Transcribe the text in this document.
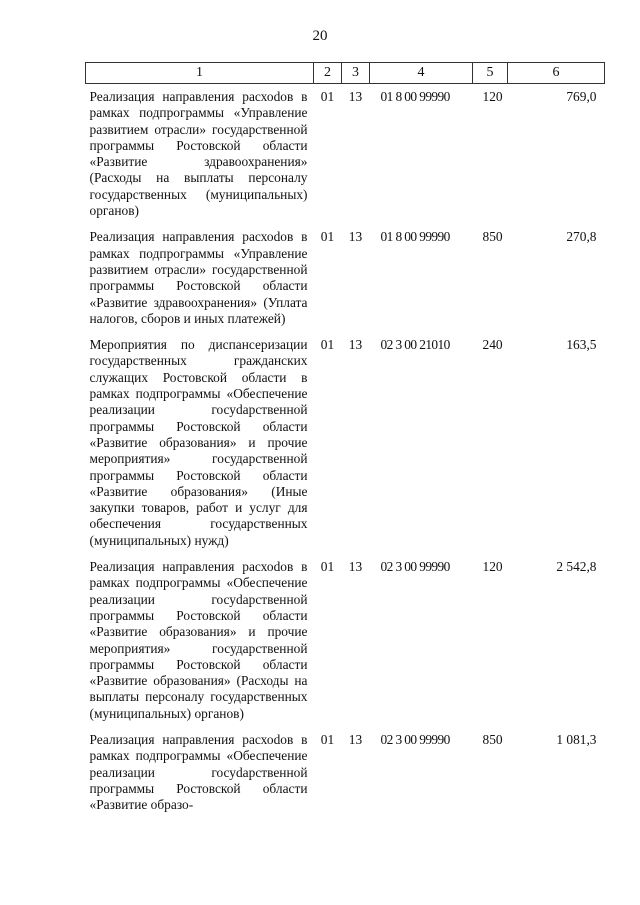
20
1	2	3	4	5	6
Реализация направления расхоdов в рамках подпрограммы «Управление развитием отрасли» государственной программы Ростовской области «Развитие здравоохранения» (Расходы на выплаты персоналу государственных (муниципальных) органов)	01	13	01 8 00 99990	120	769,0
Реализация направления расхоdов в рамках подпрограммы «Управление развитием отрасли» государственной программы Ростовской области «Развитие здравоохранения» (Уплата налогов, сборов и иных платежей)	01	13	01 8 00 99990	850	270,8
Мероприятия по диспансеризации государственных гражданских служащих Ростовской области в рамках подпрограммы «Обеспечение реализации госуdарственной программы Ростовской области «Развитие образования» и прочие мероприятия» государственной программы Ростовской области «Развитие образования» (Иные закупки товаров, работ и услуг для обеспечения государственных (муниципальных) нужд)	01	13	02 3 00 21010	240	163,5
Реализация направления расхоdов в рамках подпрограммы «Обеспечение реализации госуdарственной программы Ростовской области «Развитие образования» и прочие мероприятия» государственной программы Ростовской области «Развитие образования» (Расходы на выплаты персоналу государственных (муниципальных) органов)	01	13	02 3 00 99990	120	2 542,8
Реализация направления расхоdов в рамках подпрограммы «Обеспечение реализации госуdарственной программы Ростовской области «Развитие образо-	01	13	02 3 00 99990	850	1 081,3
